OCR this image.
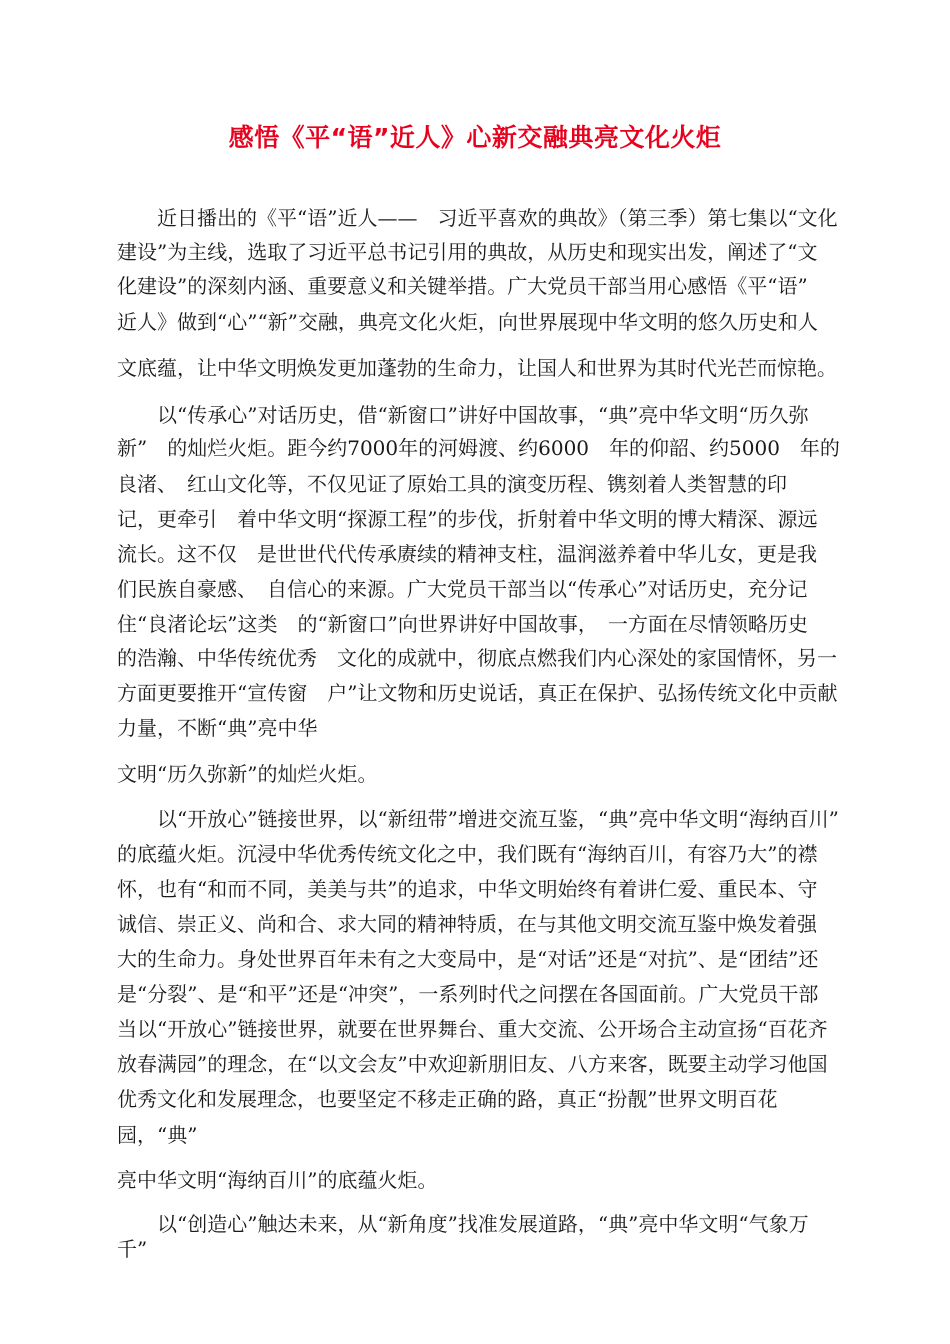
感悟《平“语”近人》心新交融典亮文化火炬
　　近日播出的《平“语”近人——　习近平喜欢的典故》（第三季）第七集以“文化
建设”为主线，选取了习近平总书记引用的典故，从历史和现实出发，阐述了“文
化建设”的深刻内涵、重要意义和关键举措。广大党员干部当用心感悟《平“语”
近人》做到“心”“新”交融，典亮文化火炬，向世界展现中华文明的悠久历史和人
文底蕴，让中华文明焕发更加蓬勃的生命力，让国人和世界为其时代光芒而惊艳。
　　以“传承心”对话历史，借“新窗口”讲好中国故事，“典”亮中华文明“历久弥
新”　的灿烂火炬。距今约7000年的河姆渡、约6000　年的仰韶、约5000　年的
良渚、　红山文化等，不仅见证了原始工具的演变历程、镌刻着人类智慧的印
记，更牵引　着中华文明“探源工程”的步伐，折射着中华文明的博大精深、源远
流长。这不仅　是世世代代传承赓续的精神支柱，温润滋养着中华儿女，更是我
们民族自豪感、　自信心的来源。广大党员干部当以“传承心”对话历史，充分记
住“良渚论坛”这类　的“新窗口”向世界讲好中国故事，　一方面在尽情领略历史
的浩瀚、中华传统优秀　文化的成就中，彻底点燃我们内心深处的家国情怀，另一
方面更要推开“宣传窗　户”让文物和历史说话，真正在保护、弘扬传统文化中贡献
力量，不断“典”亮中华
文明“历久弥新”的灿烂火炬。
　　以“开放心”链接世界，以“新纽带”增进交流互鉴，“典”亮中华文明“海纳百川”
的底蕴火炬。沉浸中华优秀传统文化之中，我们既有“海纳百川，有容乃大”的襟
怀，也有“和而不同，美美与共”的追求，中华文明始终有着讲仁爱、重民本、守
诚信、崇正义、尚和合、求大同的精神特质，在与其他文明交流互鉴中焕发着强
大的生命力。身处世界百年未有之大变局中，是“对话”还是“对抗”、是“团结”还
是“分裂”、是“和平”还是“冲突”，一系列时代之问摆在各国面前。广大党员干部
当以“开放心”链接世界，就要在世界舞台、重大交流、公开场合主动宣扬“百花齐
放春满园”的理念，在“以文会友”中欢迎新朋旧友、八方来客，既要主动学习他国
优秀文化和发展理念，也要坚定不移走正确的路，真正“扮靓”世界文明百花
园，“典”
亮中华文明“海纳百川”的底蕴火炬。
　　以“创造心”触达未来，从“新角度”找准发展道路，“典”亮中华文明“气象万
千”
